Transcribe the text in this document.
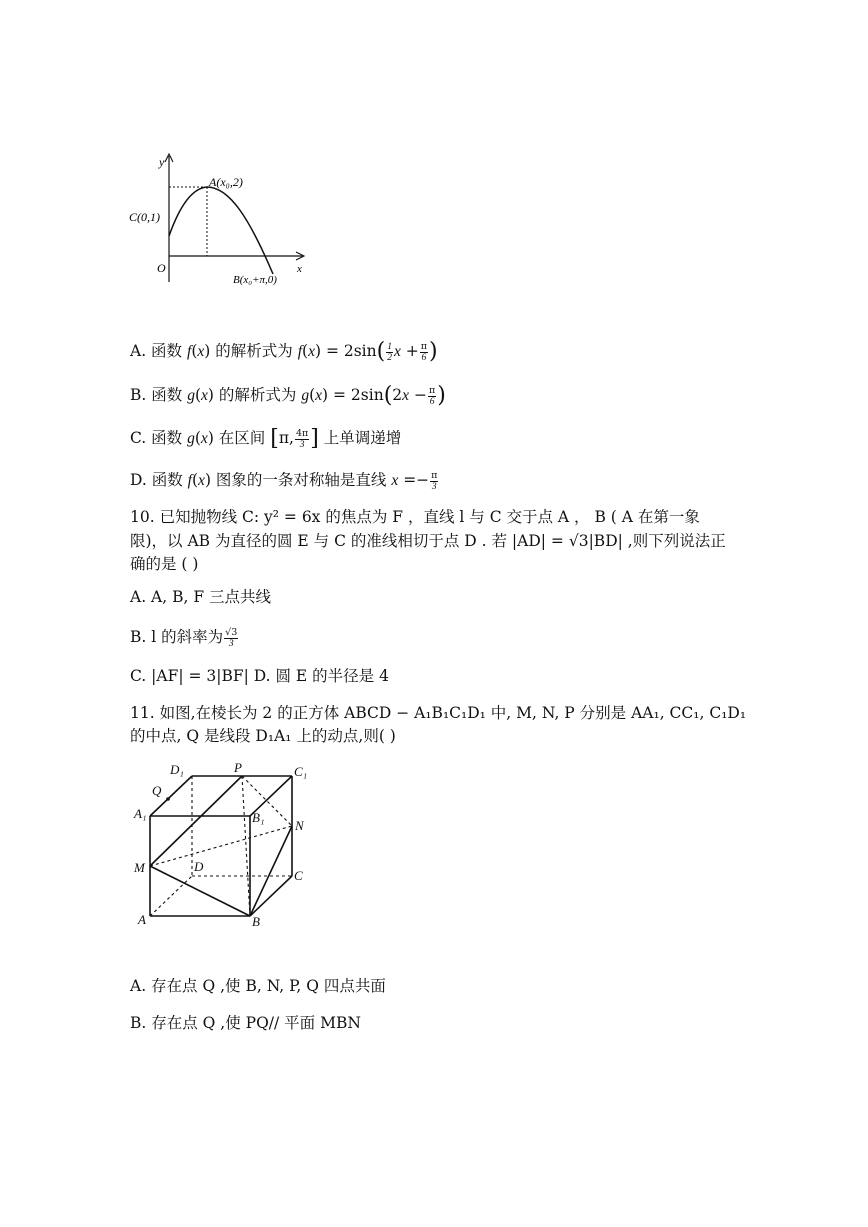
y
x
O
A(x₀,2)
C(0,1)
B(x₀+π,0)
A. 函数 f(x) 的解析式为 $f(x) = 2\sin( \frac{1}{2}$ $x + \frac{\pi}{6}$ )
B. 函数 g(x) 的解析式为 $g(x) = 2\sin(2x - \frac{\pi}{6}$ )
C. 函数 g(x) 在区间 [π, $\frac{4\pi}{3}$ ] 上单调递增
D. 函数 f(x) 图象的一条对称轴是直线 $x =- \frac{\pi}{3}$
10. 已知抛物线 C: y² = 6x 的焦点为 F ，直线 l 与 C 交于点 A ， B ( A 在第一象
限)，以 AB 为直径的圆 E 与 C 的准线相切于点 D . 若 |AD| = √3|BD| ,则下列说法正
确的是 ( )
A. A, B, F 三点共线
B. l 的斜率为 $\frac{√3}{3}$
C. |AF| = 3|BF| D. 圆 E 的半径是 4
11. 如图,在棱长为 2 的正方体 ABCD − A₁B₁C₁D₁ 中, M, N, P 分别是 AA₁, CC₁, C₁D₁
的中点, Q 是线段 D₁A₁ 上的动点,则( )
D₁	P	C₁
Q
A₁	B₁
N
M	D
C
A	B
A. 存在点 Q ,使 B, N, P, Q 四点共面
B. 存在点 Q ,使 PQ// 平面 MBN
